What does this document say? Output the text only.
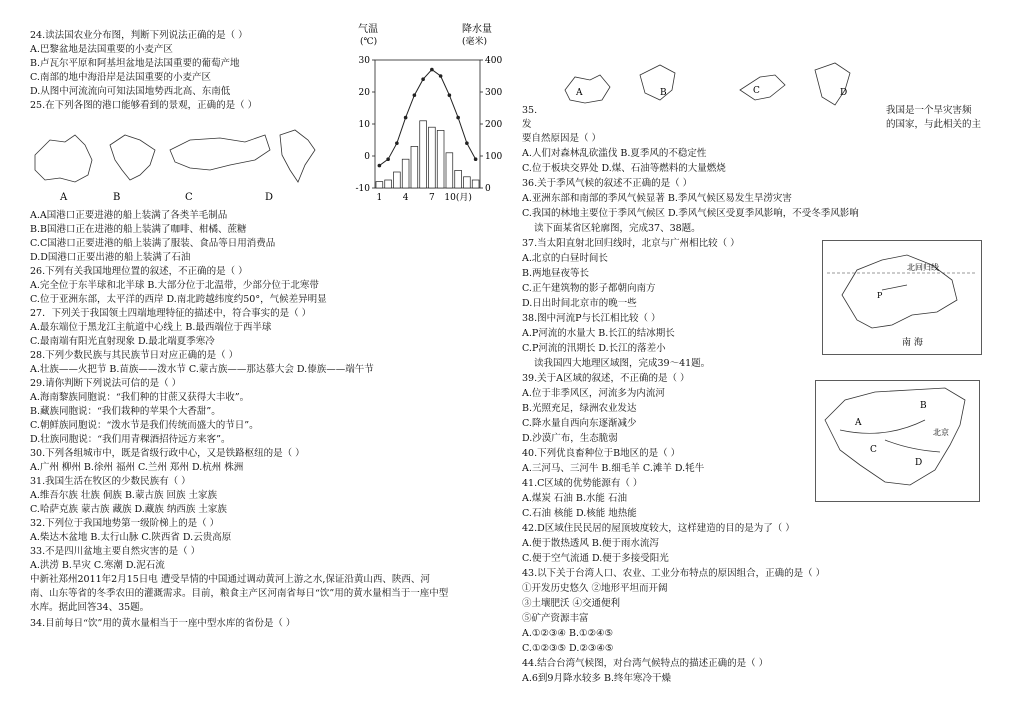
24.读法国农业分布图，判断下列说法正确的是（ ）
A.巴黎盆地是法国重要的小麦产区
B.卢瓦尔平原和阿基坦盆地是法国重要的葡萄产地
C.南部的地中海沿岸是法国重要的小麦产区
D.从图中河流流向可知法国地势西北高、东南低
25.在下列各图的港口能够看到的景观，正确的是（ ）
A.A国港口正要进港的船上装满了各类羊毛制品
B.B国港口正在进港的船上装满了咖啡、柑橘、蔗糖
C.C国港口正要进港的船上装满了服装、食品等日用消费品
D.D国港口正要出港的船上装满了石油
26.下列有关我国地理位置的叙述，不正确的是（ ）
A.完全位于东半球和北半球 B.大部分位于北温带，少部分位于北寒带
C.位于亚洲东部，太平洋的西岸 D.南北跨越纬度约50°，气候差异明显
27．下列关于我国领土四端地理特征的描述中，符合事实的是（ ）
A.最东端位于黑龙江主航道中心线上 B.最西端位于西半球
C.最南端有阳光直射现象 D.最北端夏季寒冷
28.下列少数民族与其民族节日对应正确的是（ ）
A.壮族——火把节 B.苗族——泼水节 C.蒙古族——那达慕大会 D.傣族——端午节
29.请你判断下列说法可信的是（ ）
A.海南黎族同胞说：“我们种的甘蔗又获得大丰收”。
B.藏族同胞说：“我们栽种的苹果个大香甜”。
C.朝鲜族同胞说：“泼水节是我们传统而盛大的节日”。
D.壮族同胞说：“我们用青稞酒招待远方来客”。
30.下列各组城市中，既是省级行政中心，又是铁路枢纽的是（ ）
A.广州 柳州 B.徐州 福州 C.兰州 郑州 D.杭州 株洲
31.我国生活在牧区的少数民族有（ ）
A.维吾尔族 壮族 侗族 B.蒙古族 回族 土家族
C.哈萨克族 蒙古族 藏族 D.藏族 纳西族 土家族
32.下列位于我国地势第一级阶梯上的是（ ）
A.柴达木盆地 B.太行山脉 C.陕西省 D.云贵高原
33.不是四川盆地主要自然灾害的是（ ）
A.洪涝 B.旱灾 C.寒潮 D.泥石流
中新社郑州2011年2月15日电 遭受旱情的中国通过调动黄河上游之水,保证沿黄山西、陕西、河
南、山东等省的冬季农田的灌溉需求。目前，粮食主产区河南省每日“饮”用的黄水量相当于一座中型
水库。据此回答34、35题。
34.目前每日“饮”用的黄水量相当于一座中型水库的省份是（ ）
35.
发
我国是一个旱灾害频
的国家，与此相关的主
要自然原因是（ ）
A.人们对森林乱砍滥伐 B.夏季风的不稳定性
C.位于板块交界处 D.煤、石油等燃料的大量燃烧
36.关于季风气候的叙述不正确的是（ ）
A.亚洲东部和南部的季风气候显著 B.季风气候区易发生旱涝灾害
C.我国的林地主要位于季风气候区 D.季风气候区受夏季风影响，不受冬季风影响
读下面某省区轮廓图，完成37、38题。
37.当太阳直射北回归线时，北京与广州相比较（ ）
A.北京的白昼时间长
B.两地昼夜等长
C.正午建筑物的影子都朝向南方
D.日出时间北京市的晚一些
38.图中河流P与长江相比较（ ）
A.P河流的水量大 B.长江的结冰期长
C.P河流的汛期长 D.长江的落差小
读我国四大地理区域图，完成39～41题。
39.关于A区域的叙述，不正确的是（ ）
A.位于非季风区，河流多为内流河
B.光照充足，绿洲农业发达
C.降水量自西向东逐渐减少
D.沙漠广布，生态脆弱
40.下列优良畜种位于B地区的是（ ）
A.三河马、三河牛 B.细毛羊 C.滩羊 D.牦牛
41.C区域的优势能源有（ ）
A.煤炭 石油 B.水能 石油
C.石油 核能 D.核能 地热能
42.D区域住民民居的屋顶坡度较大，这样建造的目的是为了（ ）
A.便于散热透风 B.便于雨水流泻
C.便于空气流通 D.便于多接受阳光
43.以下关于台湾人口、农业、工业分布特点的原因组合，正确的是（ ）
①开发历史悠久 ②地形平坦而开阔
③土壤肥沃 ④交通便利
⑤矿产资源丰富
A.①②③④ B.①②④⑤
C.①②③⑤ D.②③④⑤
44.结合台湾气候图，对台湾气候特点的描述正确的是（ ）
A.6到9月降水较多 B.终年寒冷干燥
气温
(℃)
降水量
(毫米)
30
20
10
0
-10
400
300
200
100
0
1 4 7 10(月)
A	B	C	D
A	B	C	D
北回归线
P
南 海
A
B
C
D
北京
